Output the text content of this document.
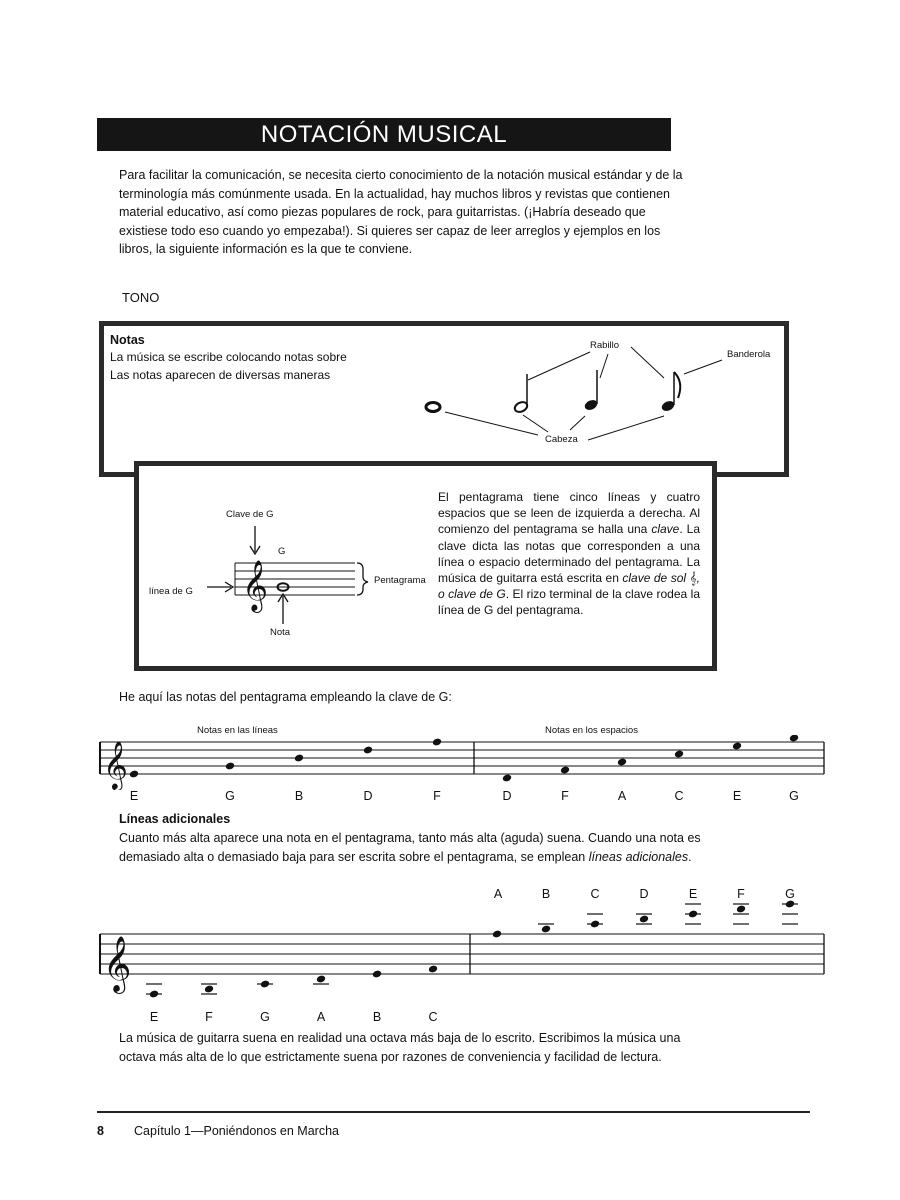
NOTACIÓN MUSICAL
Para facilitar la comunicación, se necesita cierto conocimiento de la notación musical estándar y de la terminología más comúnmente usada. En la actualidad, hay muchos libros y revistas que contienen material educativo, así como piezas populares de rock, para guitarristas. (¡Habría deseado que existiese todo eso cuando yo empezaba!). Si quieres ser capaz de leer arreglos y ejemplos en los libros, la siguiente información es la que te conviene.
TONO
Notas
La música se escribe colocando notas sobre
Las notas aparecen de diversas maneras
Rabillo
Banderola
Cabeza
Clave de G
G
línea de G
Nota
Pentagrama
𝄞
El pentagrama tiene cinco líneas y cuatro espacios que se leen de izquierda a derecha. Al comienzo del pentagrama se halla una clave. La clave dicta las notas que corresponden a una línea o espacio determinado del pentagrama. La música de guitarra está escrita en clave de sol 𝄞, o clave de G. El rizo terminal de la clave rodea la línea de G del pentagrama.
He aquí las notas del pentagrama empleando la clave de G:
Notas en las líneas	Notas en los espacios
𝄞
E	G	B	D	F	D	F	A	C	E	G
Líneas adicionales
Cuanto más alta aparece una nota en el pentagrama, tanto más alta (aguda) suena. Cuando una nota es demasiado alta o demasiado baja para ser escrita sobre el pentagrama, se emplean líneas adicionales.
A	B	C	D	E	F	G
𝄞
E	F	G	A	B	C
La música de guitarra suena en realidad una octava más baja de lo escrito. Escribimos la música una octava más alta de lo que estrictamente suena por razones de conveniencia y facilidad de lectura.
8 Capítulo 1—Poniéndonos en Marcha
